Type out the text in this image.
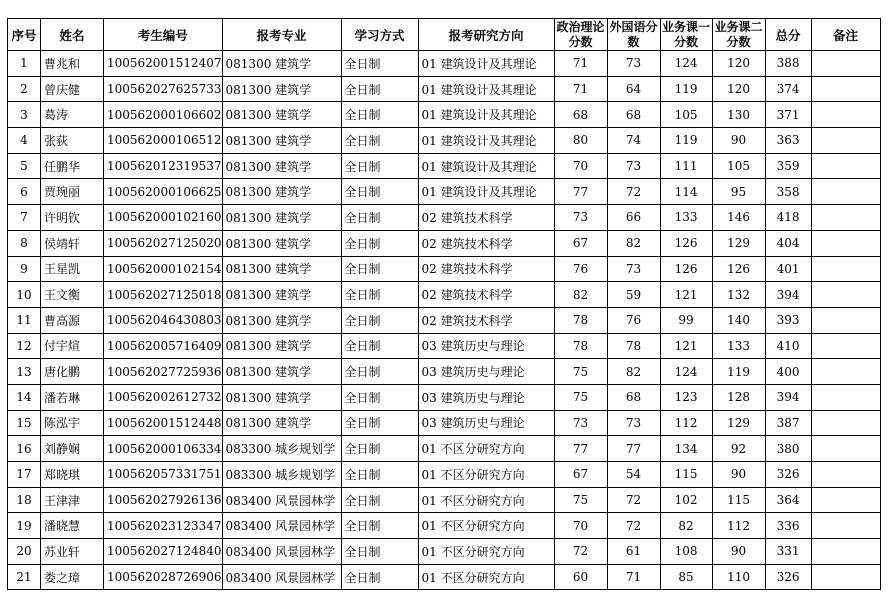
序号	姓名	考生编号	报考专业	学习方式	报考研究方向	政治理论分数	外国语分数	业务课一分数	业务课二分数	总分	备注
1	曹兆和	100562001512407	081300 建筑学	全日制	01 建筑设计及其理论	71	73	124	120	388	
2	曾庆健	100562027625733	081300 建筑学	全日制	01 建筑设计及其理论	71	64	119	120	374	
3	葛涛	100562000106602	081300 建筑学	全日制	01 建筑设计及其理论	68	68	105	130	371	
4	张荻	100562000106512	081300 建筑学	全日制	01 建筑设计及其理论	80	74	119	90	363	
5	任鹏华	100562012319537	081300 建筑学	全日制	01 建筑设计及其理论	70	73	111	105	359	
6	贾琬丽	100562000106625	081300 建筑学	全日制	01 建筑设计及其理论	77	72	114	95	358	
7	许明钦	100562000102160	081300 建筑学	全日制	02 建筑技术科学	73	66	133	146	418	
8	侯靖轩	100562027125020	081300 建筑学	全日制	02 建筑技术科学	67	82	126	129	404	
9	王星凯	100562000102154	081300 建筑学	全日制	02 建筑技术科学	76	73	126	126	401	
10	王文衡	100562027125018	081300 建筑学	全日制	02 建筑技术科学	82	59	121	132	394	
11	曹高源	100562046430803	081300 建筑学	全日制	02 建筑技术科学	78	76	99	140	393	
12	付宇煊	100562005716409	081300 建筑学	全日制	03 建筑历史与理论	78	78	121	133	410	
13	唐化鹏	100562027725936	081300 建筑学	全日制	03 建筑历史与理论	75	82	124	119	400	
14	潘若琳	100562002612732	081300 建筑学	全日制	03 建筑历史与理论	75	68	123	128	394	
15	陈泓宇	100562001512448	081300 建筑学	全日制	03 建筑历史与理论	73	73	112	129	387	
16	刘静娴	100562000106334	083300 城乡规划学	全日制	01 不区分研究方向	77	77	134	92	380	
17	郑晓琪	100562057331751	083300 城乡规划学	全日制	01 不区分研究方向	67	54	115	90	326	
18	王津津	100562027926136	083400 风景园林学	全日制	01 不区分研究方向	75	72	102	115	364	
19	潘晓慧	100562023123347	083400 风景园林学	全日制	01 不区分研究方向	70	72	82	112	336	
20	苏业轩	100562027124840	083400 风景园林学	全日制	01 不区分研究方向	72	61	108	90	331	
21	娄之璋	100562028726906	083400 风景园林学	全日制	01 不区分研究方向	60	71	85	110	326	
